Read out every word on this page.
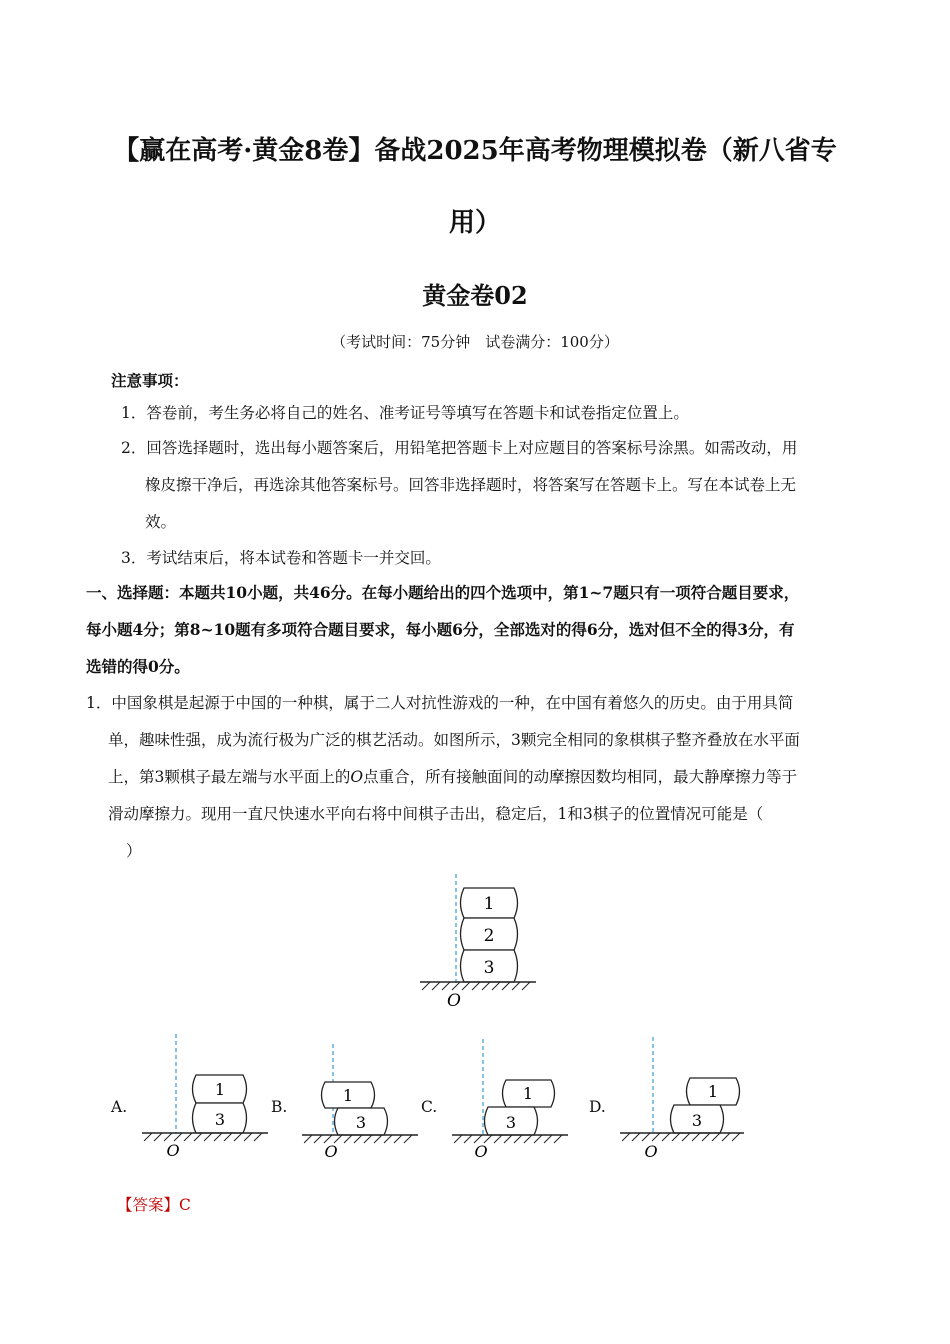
【赢在高考·黄金8卷】备战2025年高考物理模拟卷（新八省专
用）
黄金卷02
（考试时间：75分钟　试卷满分：100分）
注意事项：
1．答卷前，考生务必将自己的姓名、准考证号等填写在答题卡和试卷指定位置上。
2．回答选择题时，选出每小题答案后，用铅笔把答题卡上对应题目的答案标号涂黑。如需改动，用
橡皮擦干净后，再选涂其他答案标号。回答非选择题时，将答案写在答题卡上。写在本试卷上无
效。
3．考试结束后，将本试卷和答题卡一并交回。
一、选择题：本题共10小题，共46分。在每小题给出的四个选项中，第1~7题只有一项符合题目要求，
每小题4分；第8~10题有多项符合题目要求，每小题6分，全部选对的得6分，选对但不全的得3分，有
选错的得0分。
1．中国象棋是起源于中国的一种棋，属于二人对抗性游戏的一种，在中国有着悠久的历史。由于用具简
单，趣味性强，成为流行极为广泛的棋艺活动。如图所示，3颗完全相同的象棋棋子整齐叠放在水平面
上，第3颗棋子最左端与水平面上的O点重合，所有接触面间的动摩擦因数均相同，最大静摩擦力等于
滑动摩擦力。现用一直尺快速水平向右将中间棋子击出，稳定后，1和3棋子的位置情况可能是（
）
1
2
3
O
A.
1
3
O
B.
1
3
O
C.
1
3
O
D.
1
3
O
【答案】C
